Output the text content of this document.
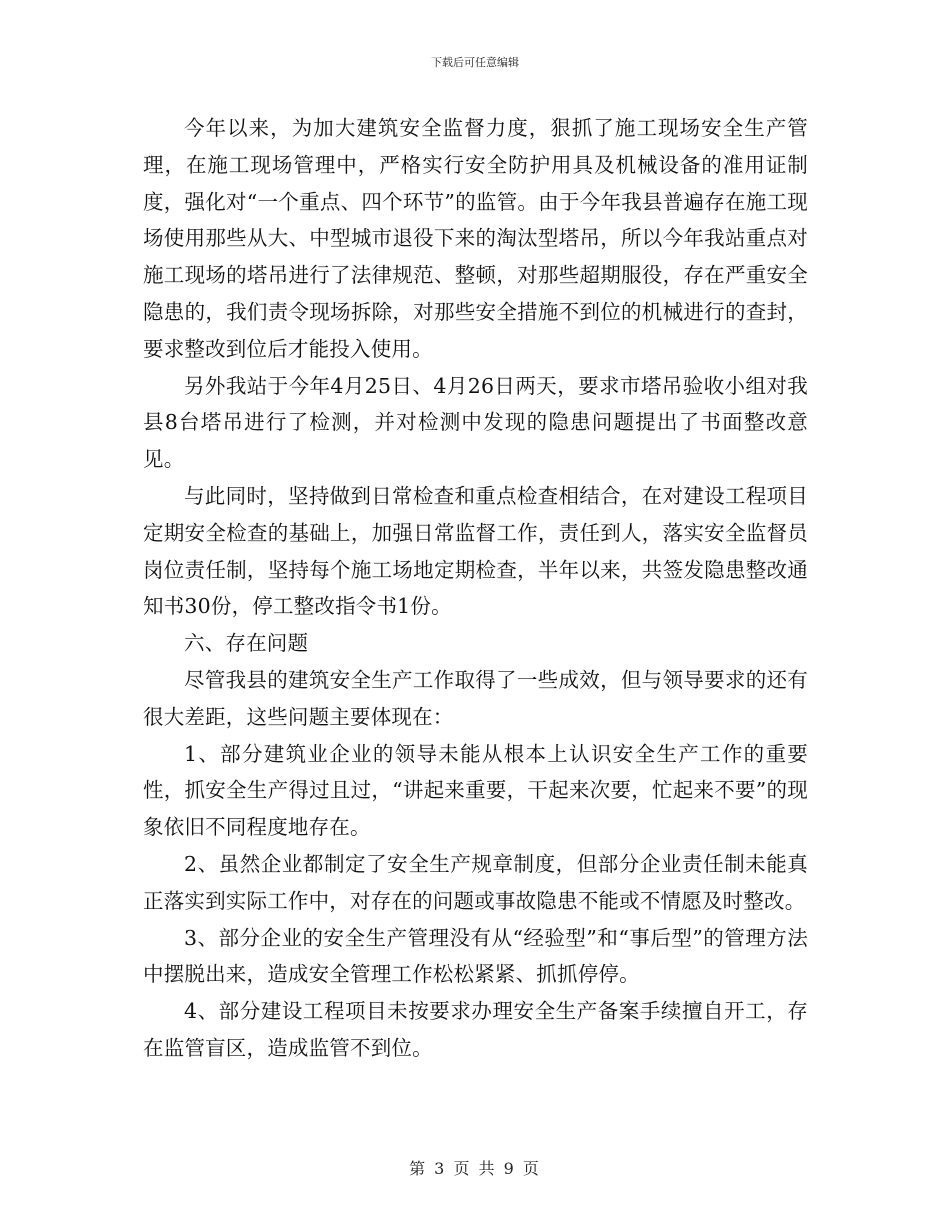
下载后可任意编辑

今年以来，为加大建筑安全监督力度，狠抓了施工现场安全生产管理，在施工现场管理中，严格实行安全防护用具及机械设备的准用证制度，强化对“一个重点、四个环节”的监管。由于今年我县普遍存在施工现场使用那些从大、中型城市退役下来的淘汰型塔吊，所以今年我站重点对施工现场的塔吊进行了法律规范、整顿，对那些超期服役，存在严重安全隐患的，我们责令现场拆除，对那些安全措施不到位的机械进行的查封，要求整改到位后才能投入使用。

另外我站于今年4月25日、4月26日两天，要求市塔吊验收小组对我县8台塔吊进行了检测，并对检测中发现的隐患问题提出了书面整改意见。

与此同时，坚持做到日常检查和重点检查相结合，在对建设工程项目定期安全检查的基础上，加强日常监督工作，责任到人，落实安全监督员岗位责任制，坚持每个施工场地定期检查，半年以来，共签发隐患整改通知书30份，停工整改指令书1份。

六、存在问题

尽管我县的建筑安全生产工作取得了一些成效，但与领导要求的还有很大差距，这些问题主要体现在：

1、部分建筑业企业的领导未能从根本上认识安全生产工作的重要性，抓安全生产得过且过，“讲起来重要，干起来次要，忙起来不要”的现象依旧不同程度地存在。

2、虽然企业都制定了安全生产规章制度，但部分企业责任制未能真正落实到实际工作中，对存在的问题或事故隐患不能或不情愿及时整改。

3、部分企业的安全生产管理没有从“经验型”和“事后型”的管理方法中摆脱出来，造成安全管理工作松松紧紧、抓抓停停。

4、部分建设工程项目未按要求办理安全生产备案手续擅自开工，存在监管盲区，造成监管不到位。

第 3 页 共 9 页
